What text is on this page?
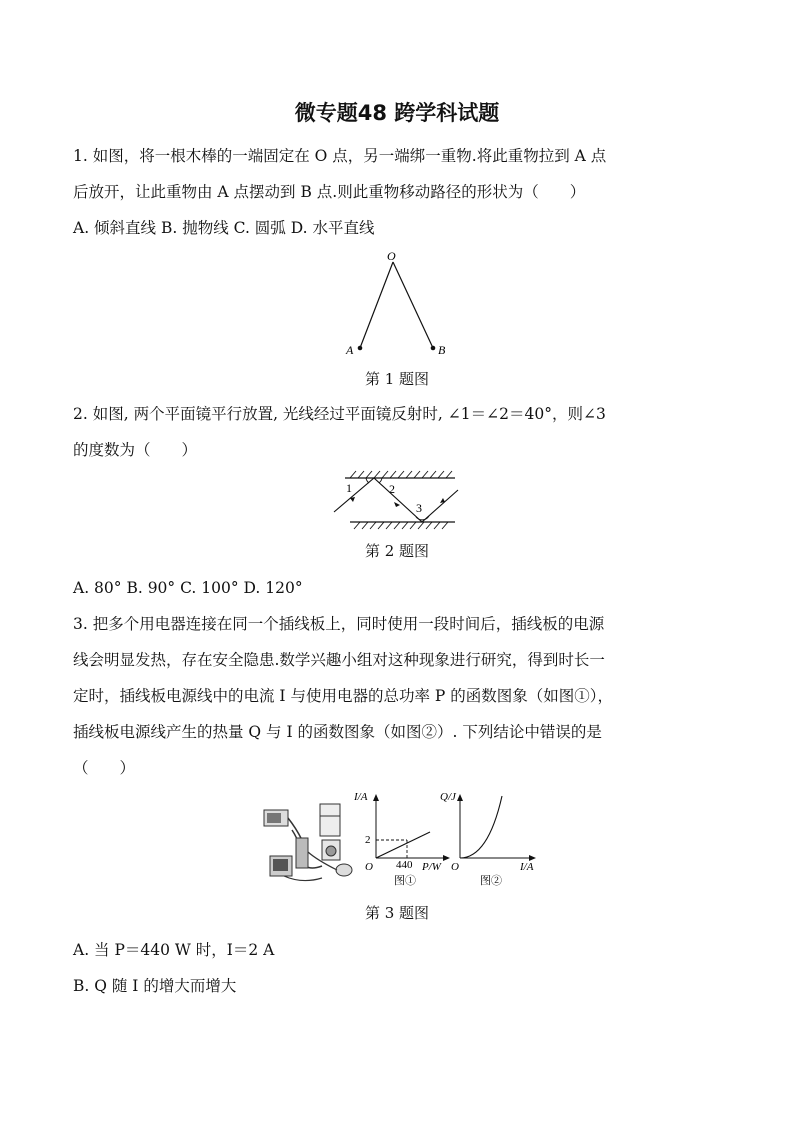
微专题48 跨学科试题
1. 如图，将一根木棒的一端固定在 O 点，另一端绑一重物.将此重物拉到 A 点
后放开，让此重物由 A 点摆动到 B 点.则此重物移动路径的形状为（　　）
A. 倾斜直线 B. 抛物线 C. 圆弧 D. 水平直线
O
A	B
第 1 题图
2. 如图, 两个平面镜平行放置, 光线经过平面镜反射时, ∠1＝∠2＝40°，则∠3
的度数为（　　）
1	2
3
第 2 题图
A. 80° B. 90° C. 100° D. 120°
3. 把多个用电器连接在同一个插线板上，同时使用一段时间后，插线板的电源
线会明显发热，存在安全隐患.数学兴趣小组对这种现象进行研究，得到时长一
定时，插线板电源线中的电流 I 与使用电器的总功率 P 的函数图象（如图①），
插线板电源线产生的热量 Q 与 I 的函数图象（如图②）. 下列结论中错误的是
（　　）
I/A
2
O 440 P/W
图①
Q/J
O	I/A
图②
第 3 题图
A. 当 P＝440 W 时，I＝2 A
B. Q 随 I 的增大而增大
